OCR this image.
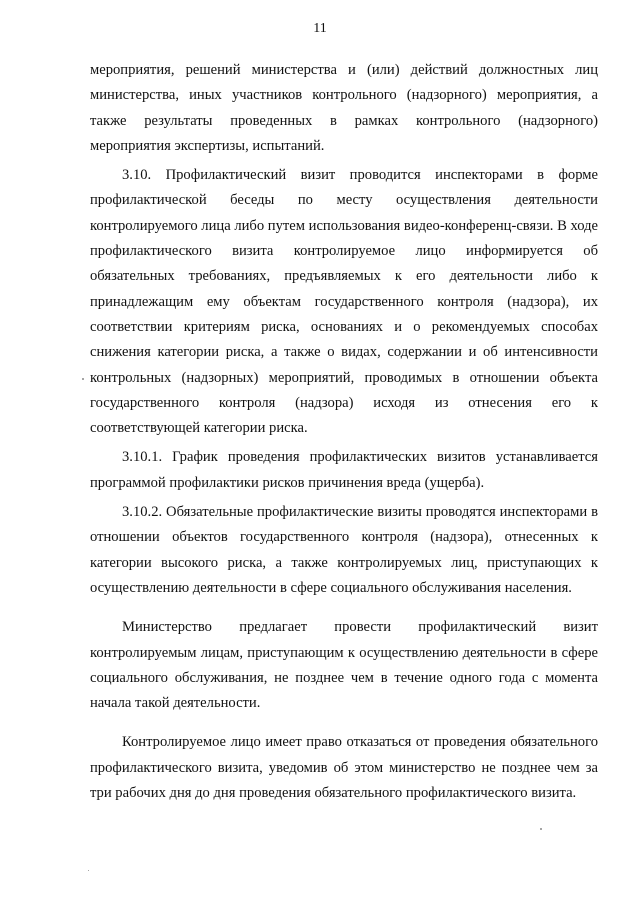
11

мероприятия, решений министерства и (или) действий должностных лиц министерства, иных участников контрольного (надзорного) мероприятия, а также результаты проведенных в рамках контрольного (надзорного) мероприятия экспертизы, испытаний.

3.10. Профилактический визит проводится инспекторами в форме профилактической беседы по месту осуществления деятельности контролируемого лица либо путем использования видео-конференц-связи. В ходе профилактического визита контролируемое лицо информируется об обязательных требованиях, предъявляемых к его деятельности либо к принадлежащим ему объектам государственного контроля (надзора), их соответствии критериям риска, основаниях и о рекомендуемых способах снижения категории риска, а также о видах, содержании и об интенсивности контрольных (надзорных) мероприятий, проводимых в отношении объекта государственного контроля (надзора) исходя из отнесения его к соответствующей категории риска.

3.10.1. График проведения профилактических визитов устанавливается программой профилактики рисков причинения вреда (ущерба).

3.10.2. Обязательные профилактические визиты проводятся инспекторами в отношении объектов государственного контроля (надзора), отнесенных к категории высокого риска, а также контролируемых лиц, приступающих к осуществлению деятельности в сфере социального обслуживания населения.

Министерство предлагает провести профилактический визит контролируемым лицам, приступающим к осуществлению деятельности в сфере социального обслуживания, не позднее чем в течение одного года с момента начала такой деятельности.

Контролируемое лицо имеет право отказаться от проведения обязательного профилактического визита, уведомив об этом министерство не позднее чем за три рабочих дня до дня проведения обязательного профилактического визита.
